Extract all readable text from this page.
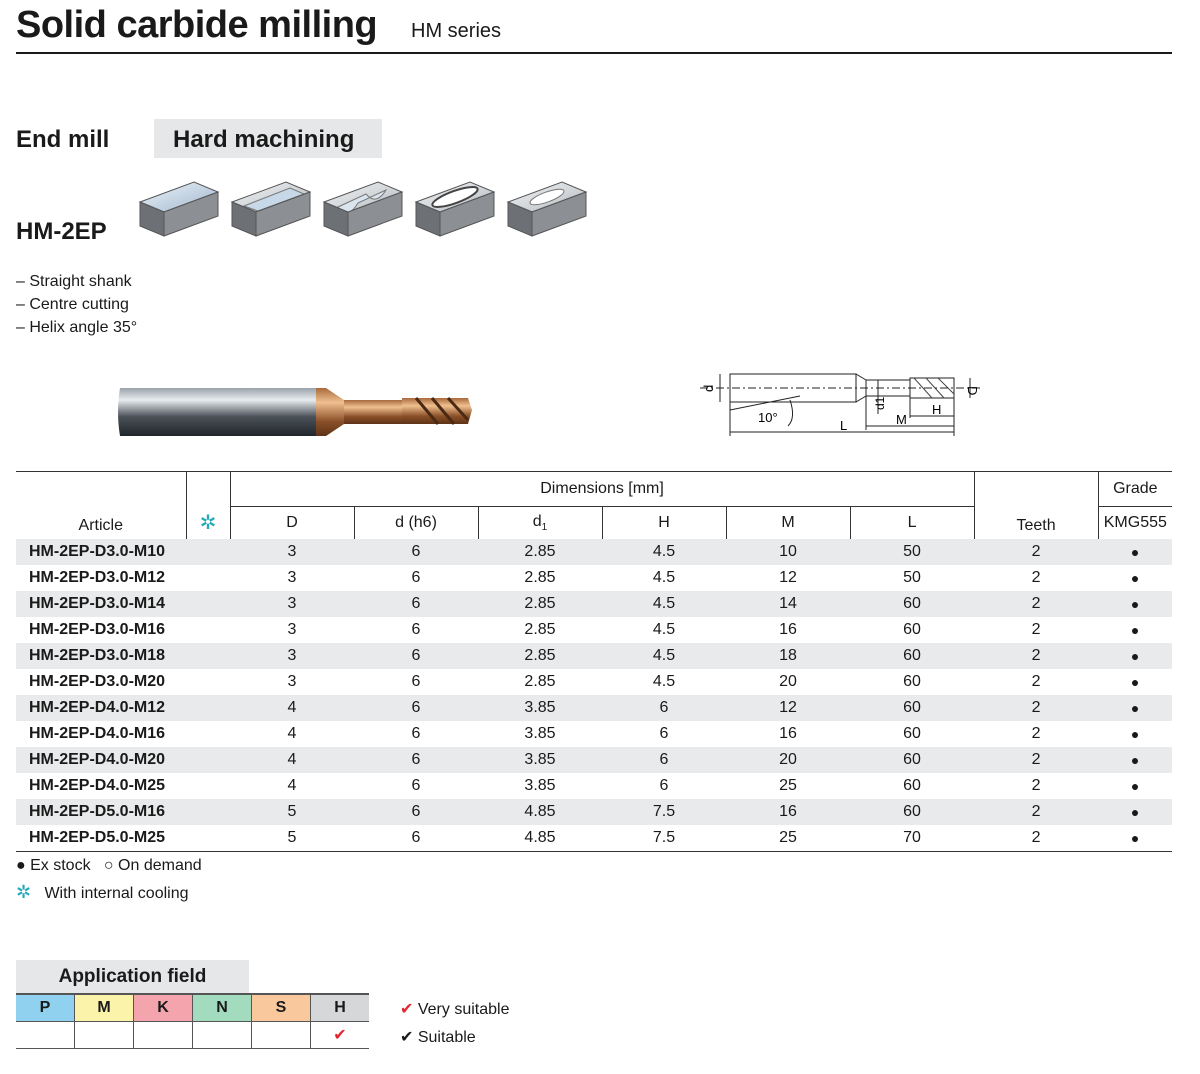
Solid carbide milling HM series
End mill	Hard machining
HM-2EP
– Straight shank
– Centre cutting
– Helix angle 35°
d	D
d1
M
H
L
10°
Article	✲	Dimensions [mm]						Teeth	Grade
		D	d (h6)	$d_1$	H	M	L		KMG555
HM-2EP-D3.0-M10		3	6	2.85	4.5	10	50	2	●
HM-2EP-D3.0-M12		3	6	2.85	4.5	12	50	2	●
HM-2EP-D3.0-M14		3	6	2.85	4.5	14	60	2	●
HM-2EP-D3.0-M16		3	6	2.85	4.5	16	60	2	●
HM-2EP-D3.0-M18		3	6	2.85	4.5	18	60	2	●
HM-2EP-D3.0-M20		3	6	2.85	4.5	20	60	2	●
HM-2EP-D4.0-M12		4	6	3.85	6	12	60	2	●
HM-2EP-D4.0-M16		4	6	3.85	6	16	60	2	●
HM-2EP-D4.0-M20		4	6	3.85	6	20	60	2	●
HM-2EP-D4.0-M25		4	6	3.85	6	25	60	2	●
HM-2EP-D5.0-M16		5	6	4.85	7.5	16	60	2	●
HM-2EP-D5.0-M25		5	6	4.85	7.5	25	70	2	●
● Ex stock ○ On demand
✲ With internal cooling
Application field
P	M	K	N	S	H
					✔
✔ Very suitable
✔ Suitable
